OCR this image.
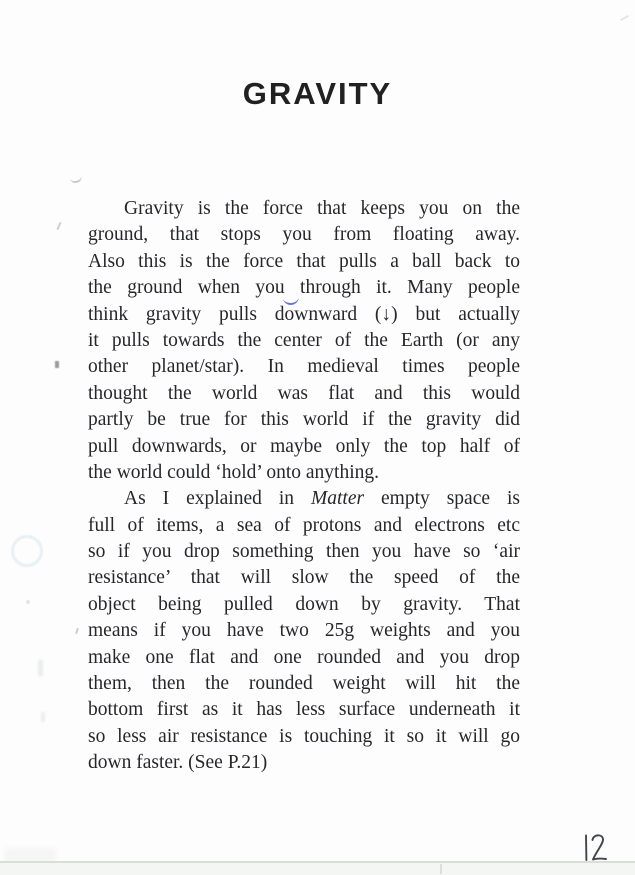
GRAVITY
Gravity is the force that keeps you on the
ground, that stops you from floating away.
Also this is the force that pulls a ball back to
the ground when you through it. Many people
think gravity pulls downward (↓) but actually
it pulls towards the center of the Earth (or any
other planet/star). In medieval times people
thought the world was flat and this would
partly be true for this world if the gravity did
pull downwards, or maybe only the top half of
the world could ‘hold’ onto anything.
As I explained in Matter empty space is
full of items, a sea of protons and electrons etc
so if you drop something then you have so ‘air
resistance’ that will slow the speed of the
object being pulled down by gravity. That
means if you have two 25g weights and you
make one flat and one rounded and you drop
them, then the rounded weight will hit the
bottom first as it has less surface underneath it
so less air resistance is touching it so it will go
down faster. (See P.21)
